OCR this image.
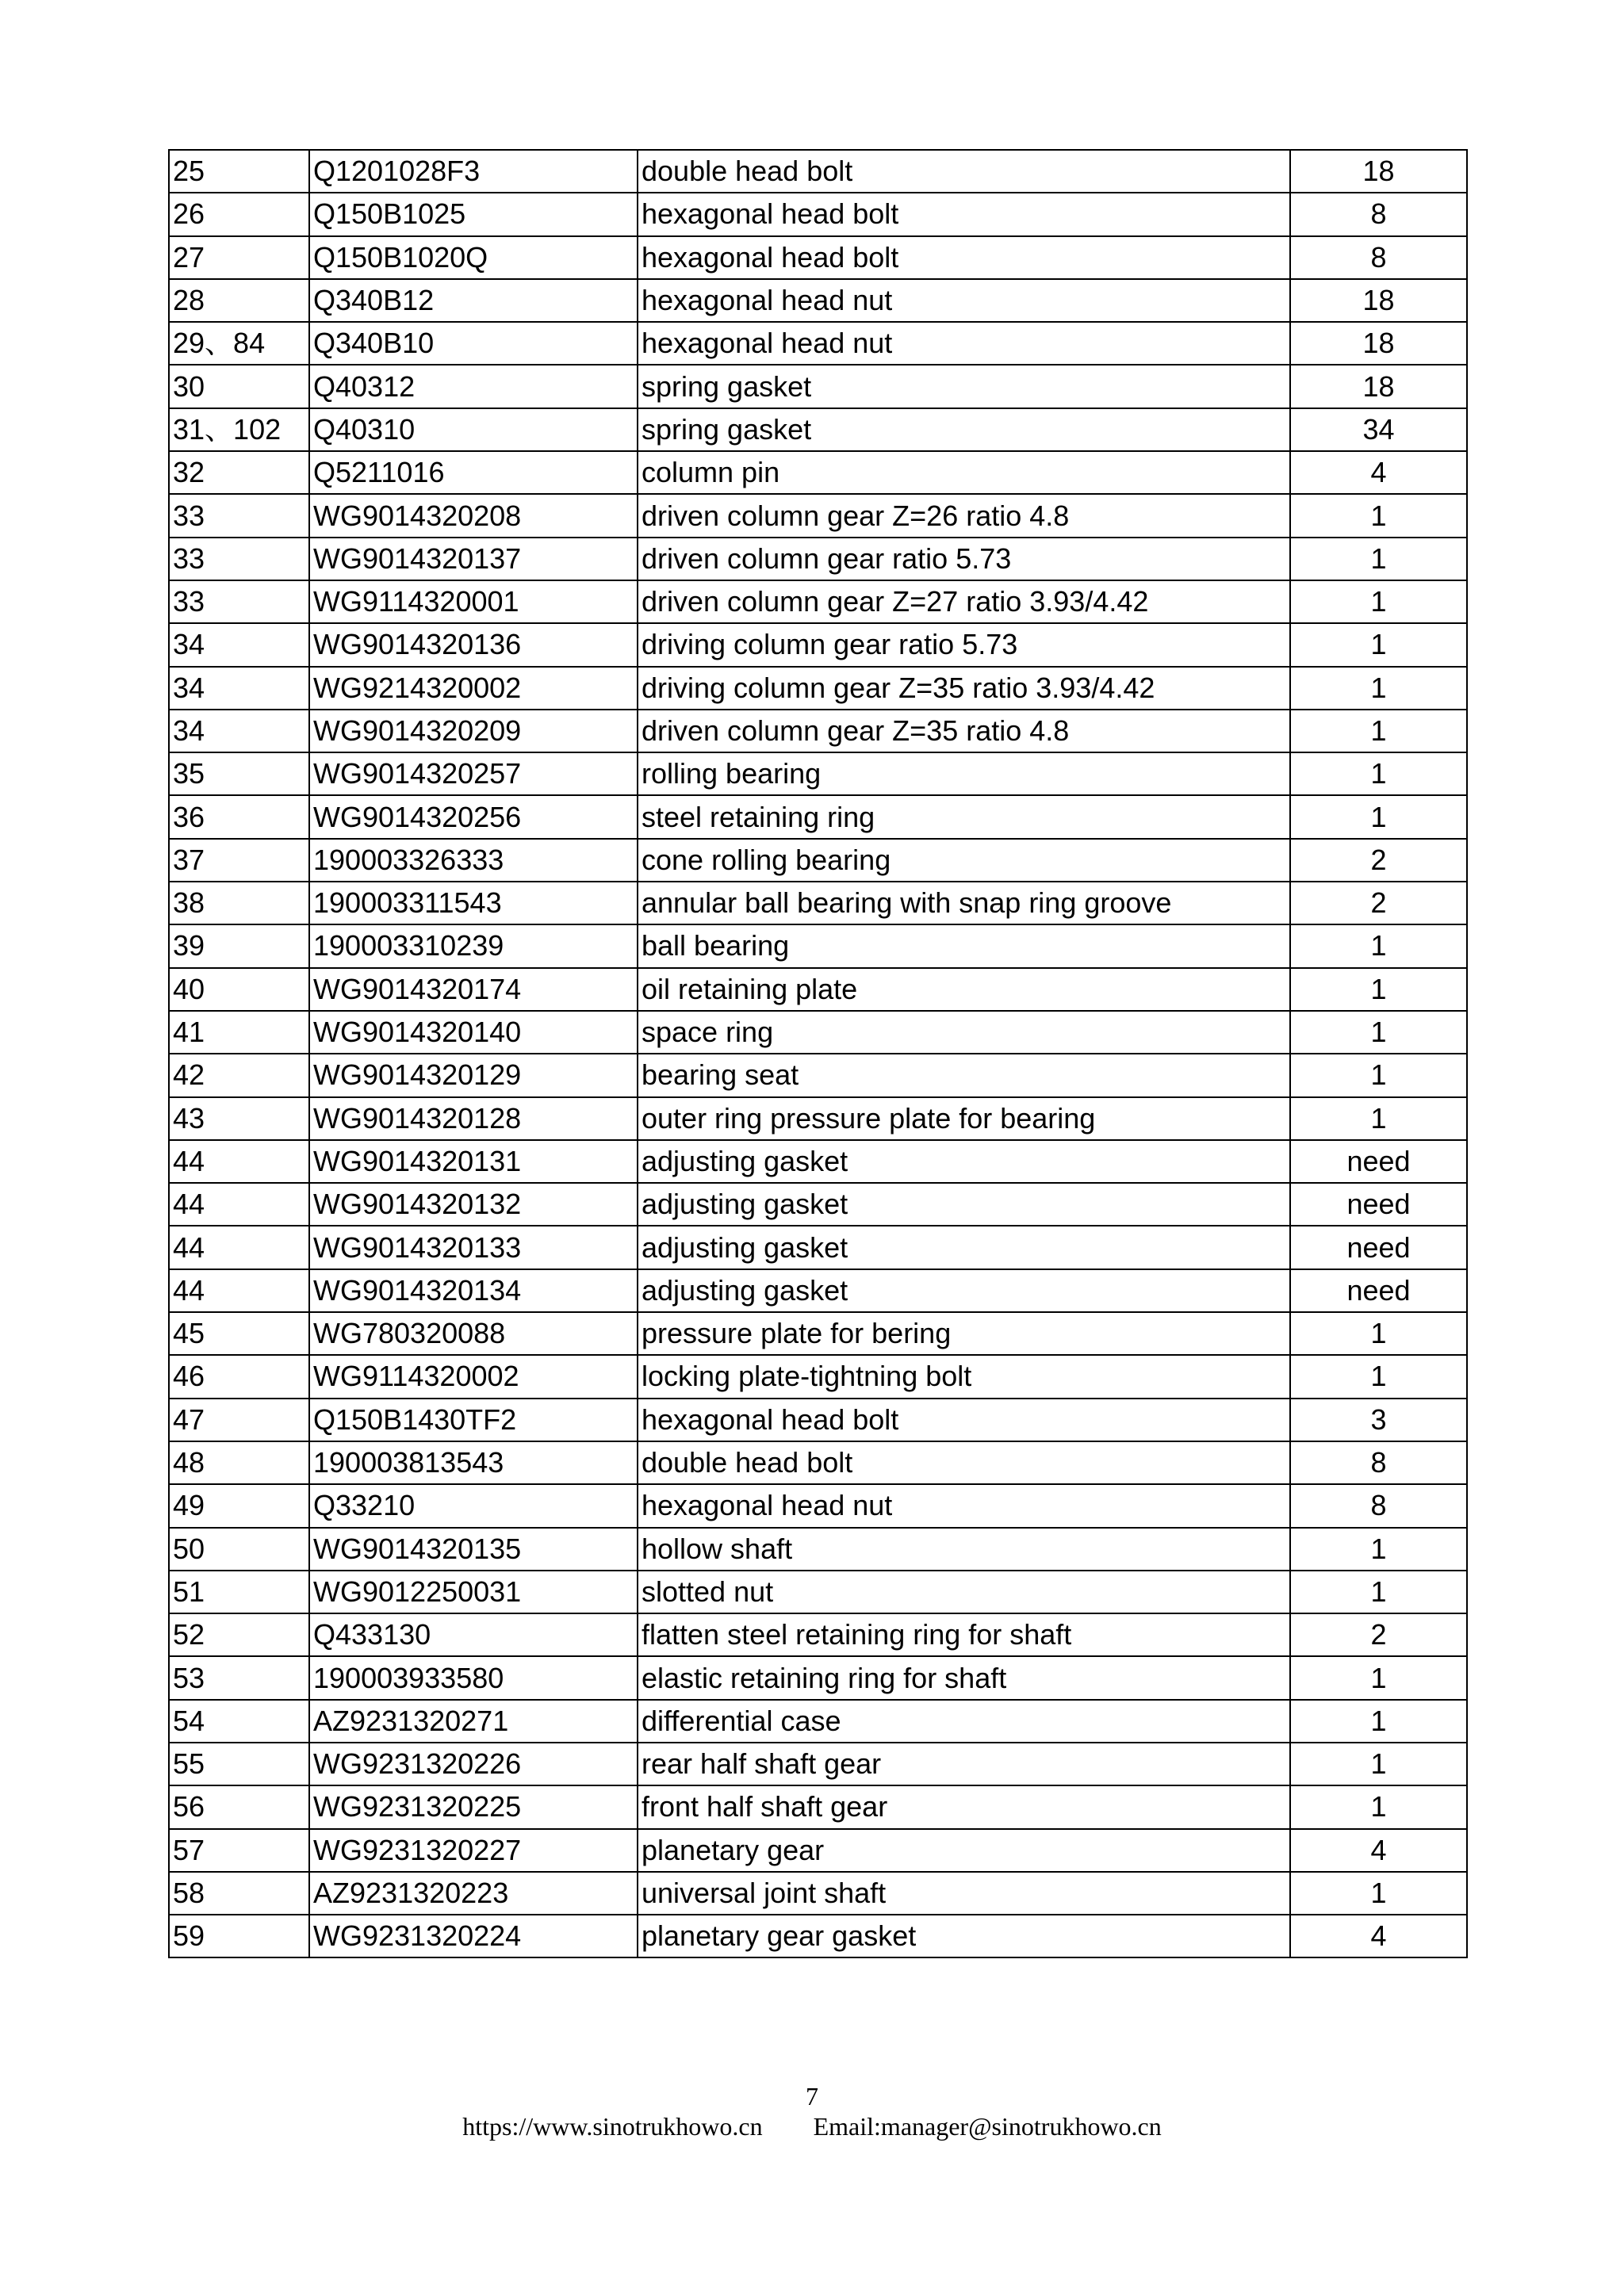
25	Q1201028F3	double head bolt	18
26	Q150B1025	hexagonal head bolt	8
27	Q150B1020Q	hexagonal head bolt	8
28	Q340B12	hexagonal head nut	18
29、84	Q340B10	hexagonal head nut	18
30	Q40312	spring gasket	18
31、102	Q40310	spring gasket	34
32	Q5211016	column pin	4
33	WG9014320208	driven column gear Z=26 ratio 4.8	1
33	WG9014320137	driven column gear ratio 5.73	1
33	WG9114320001	driven column gear Z=27 ratio 3.93/4.42	1
34	WG9014320136	driving column gear ratio 5.73	1
34	WG9214320002	driving column gear Z=35 ratio 3.93/4.42	1
34	WG9014320209	driven column gear Z=35 ratio 4.8	1
35	WG9014320257	rolling bearing	1
36	WG9014320256	steel retaining ring	1
37	190003326333	cone rolling bearing	2
38	190003311543	annular ball bearing with snap ring groove	2
39	190003310239	ball bearing	1
40	WG9014320174	oil retaining plate	1
41	WG9014320140	space ring	1
42	WG9014320129	bearing seat	1
43	WG9014320128	outer ring pressure plate for bearing	1
44	WG9014320131	adjusting gasket	need
44	WG9014320132	adjusting gasket	need
44	WG9014320133	adjusting gasket	need
44	WG9014320134	adjusting gasket	need
45	WG780320088	pressure plate for bering	1
46	WG9114320002	locking plate-tightning bolt	1
47	Q150B1430TF2	hexagonal head bolt	3
48	190003813543	double head bolt	8
49	Q33210	hexagonal head nut	8
50	WG9014320135	hollow shaft	1
51	WG9012250031	slotted nut	1
52	Q433130	flatten steel retaining ring for shaft	2
53	190003933580	elastic retaining ring for shaft	1
54	AZ9231320271	differential case	1
55	WG9231320226	rear half shaft gear	1
56	WG9231320225	front half shaft gear	1
57	WG9231320227	planetary gear	4
58	AZ9231320223	universal joint shaft	1
59	WG9231320224	planetary gear gasket	4
7
https://www.sinotrukhowo.cn Email:manager@sinotrukhowo.cn
